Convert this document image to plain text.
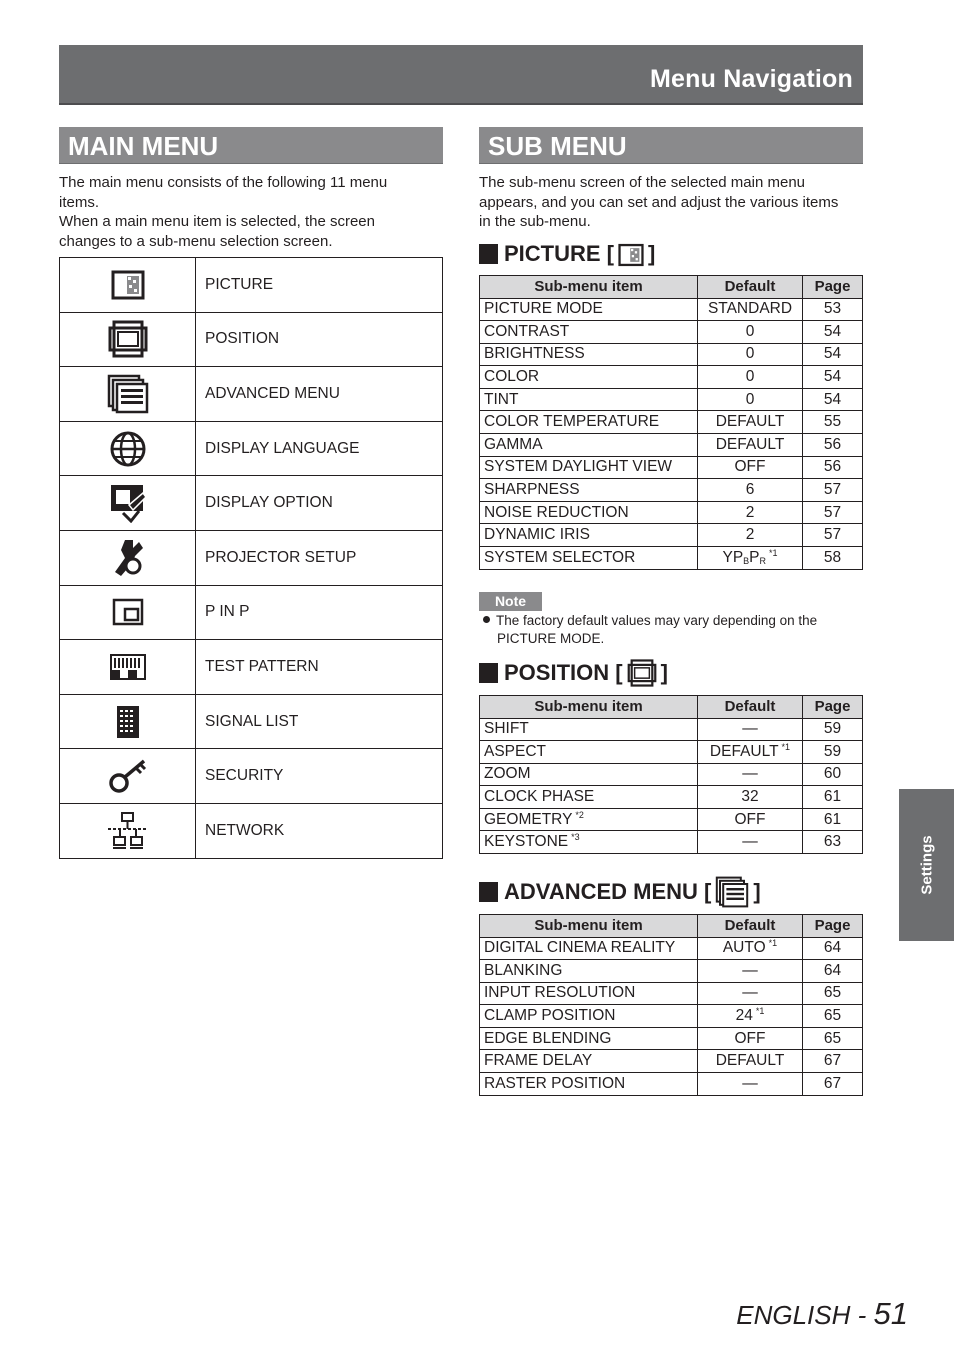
Menu Navigation
MAIN MENU

The main menu consists of the following 11 menu

items.

When a main menu item is selected, the screen

changes to a sub-menu selection screen.

	PICTURE

	POSITION

	ADVANCED MENU

	DISPLAY LANGUAGE

	DISPLAY OPTION

	PROJECTOR SETUP

	P IN P

	TEST PATTERN

	SIGNAL LIST

	SECURITY

	NETWORK
SUB MENU

The sub-menu screen of the selected main menu

appears, and you can set and adjust the various items

in the sub-menu.

PICTURE [ ]
Sub-menu item	Default	Page
PICTURE MODE	STANDARD	53
CONTRAST	0	54
BRIGHTNESS	0	54
COLOR	0	54
TINT	0	54
COLOR TEMPERATURE	DEFAULT	55
GAMMA	DEFAULT	56
SYSTEM DAYLIGHT VIEW	OFF	56
SHARPNESS	6	57
NOISE REDUCTION	2	57
DYNAMIC IRIS	2	57
SYSTEM SELECTOR	$YP_BP_R^{*1}$	58
Note
The factory default values may vary depending on the
PICTURE MODE.
POSITION [ ]
Sub-menu item	Default	Page
SHIFT	—	59
ASPECT	DEFAULT $^{*1}$	59
ZOOM	—	60
CLOCK PHASE	32	61
GEOMETRY $^{*2}$	OFF	61
KEYSTONE $^{*3}$	—	63
ADVANCED MENU [ ]
Sub-menu item	Default	Page
DIGITAL CINEMA REALITY	AUTO $^{*1}$	64
BLANKING	—	64
INPUT RESOLUTION	—	65
CLAMP POSITION	24 $^{*1}$	65
EDGE BLENDING	OFF	65
FRAME DELAY	DEFAULT	67
RASTER POSITION	—	67
Settings
ENGLISH - 51
